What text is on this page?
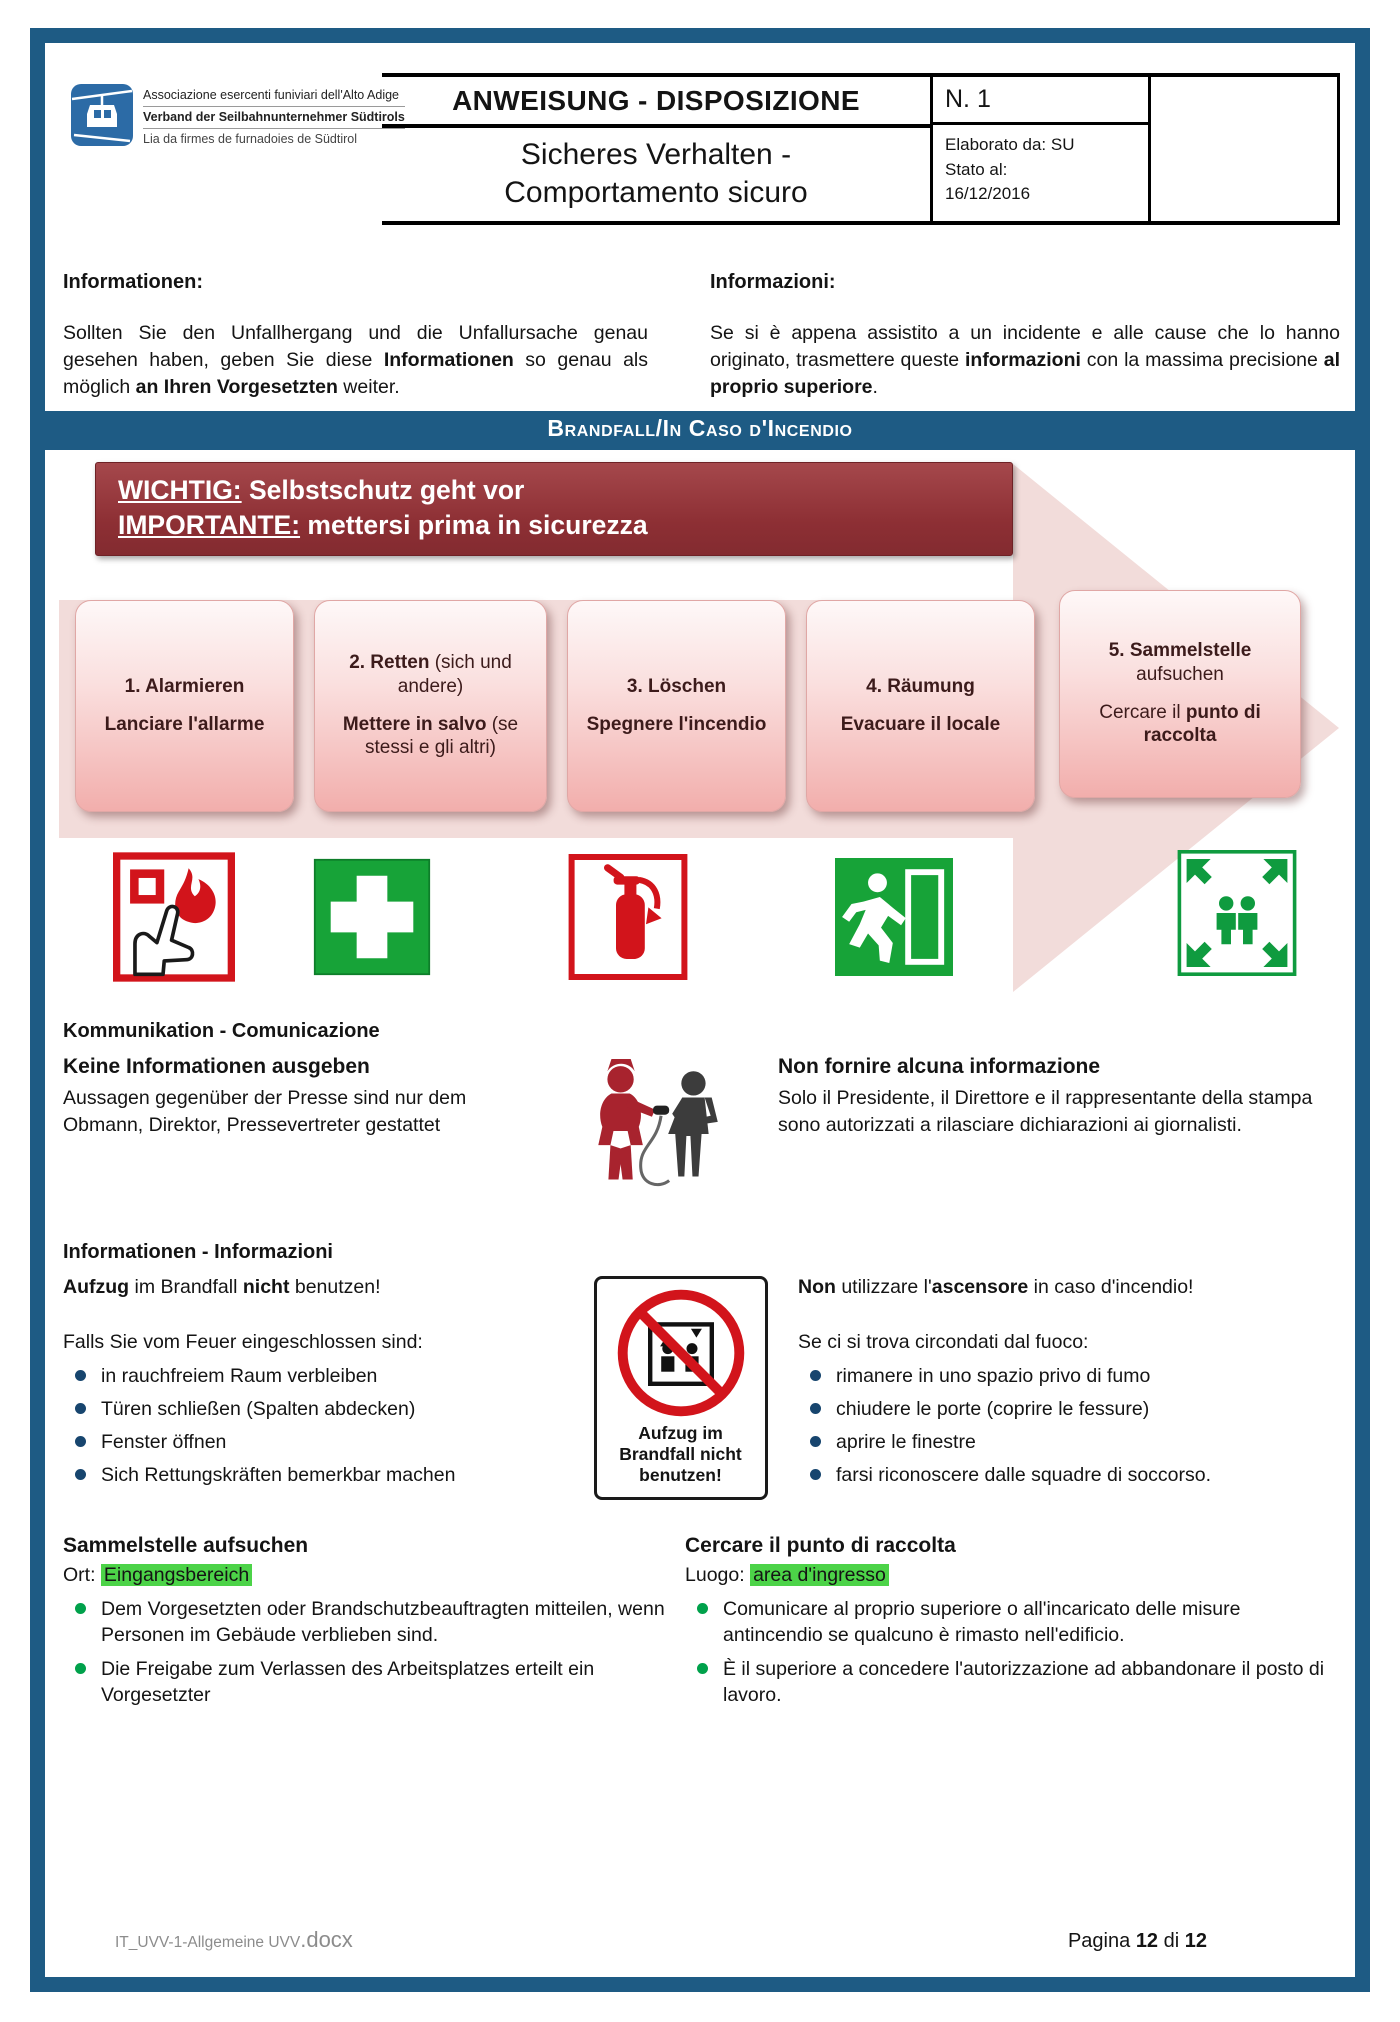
Associazione esercenti funiviari dell'Alto Adige
Verband der Seilbahnunternehmer Südtirols
Lia da firmes de furnadoies de Südtirol
ANWEISUNG - DISPOSIZIONE
Sicheres Verhalten -
Comportamento sicuro
N. 1
Elaborato da: SU
Stato al:
16/12/2016
Informationen:

Sollten Sie den Unfallhergang und die Unfallursache genau gesehen haben, geben Sie diese Informationen so genau als möglich an Ihren Vorgesetzten weiter.

Informazioni:

Se si è appena assistito a un incidente e alle cause che lo hanno originato, trasmettere queste informazioni con la massima precisione al proprio superiore.

Brandfall/In Caso d'Incendio
WICHTIG: Selbstschutz geht vor
IMPORTANTE: mettersi prima in sicurezza
1. Alarmieren
Lanciare l'allarme
2. Retten (sich und andere)
Mettere in salvo (se stessi e gli altri)
3. Löschen
Spegnere l'incendio
4. Räumung
Evacuare il locale
5. Sammelstelle aufsuchen
Cercare il punto di raccolta
Kommunikation - Comunicazione
Keine Informationen ausgeben

Aussagen gegenüber der Presse sind nur dem Obmann, Direktor, Pressevertreter gestattet

Non fornire alcuna informazione

Solo il Presidente, il Direttore e il rappresentante della stampa sono autorizzati a rilasciare dichiarazioni ai giornalisti.

Informationen - Informazioni

Aufzug im Brandfall nicht benutzen!

Falls Sie vom Feuer eingeschlossen sind:

in rauchfreiem Raum verbleiben
Türen schließen (Spalten abdecken)
Fenster öffnen
Sich Rettungskräften bemerkbar machen
Aufzug im Brandfall nicht benutzen!

Non utilizzare l'ascensore in caso d'incendio!

Se ci si trova circondati dal fuoco:

rimanere in uno spazio privo di fumo
chiudere le porte (coprire le fessure)
aprire le finestre
farsi riconoscere dalle squadre di soccorso.
Sammelstelle aufsuchen

Ort: Eingangsbereich

Dem Vorgesetzten oder Brandschutzbeauftragten mitteilen, wenn Personen im Gebäude verblieben sind.
Die Freigabe zum Verlassen des Arbeitsplatzes erteilt ein Vorgesetzter
Cercare il punto di raccolta

Luogo: area d'ingresso

Comunicare al proprio superiore o all'incaricato delle misure antincendio se qualcuno è rimasto nell'edificio.
È il superiore a concedere l'autorizzazione ad abbandonare il posto di lavoro.
IT_UVV-1-Allgemeine UVV.docx	Pagina 12 di 12
